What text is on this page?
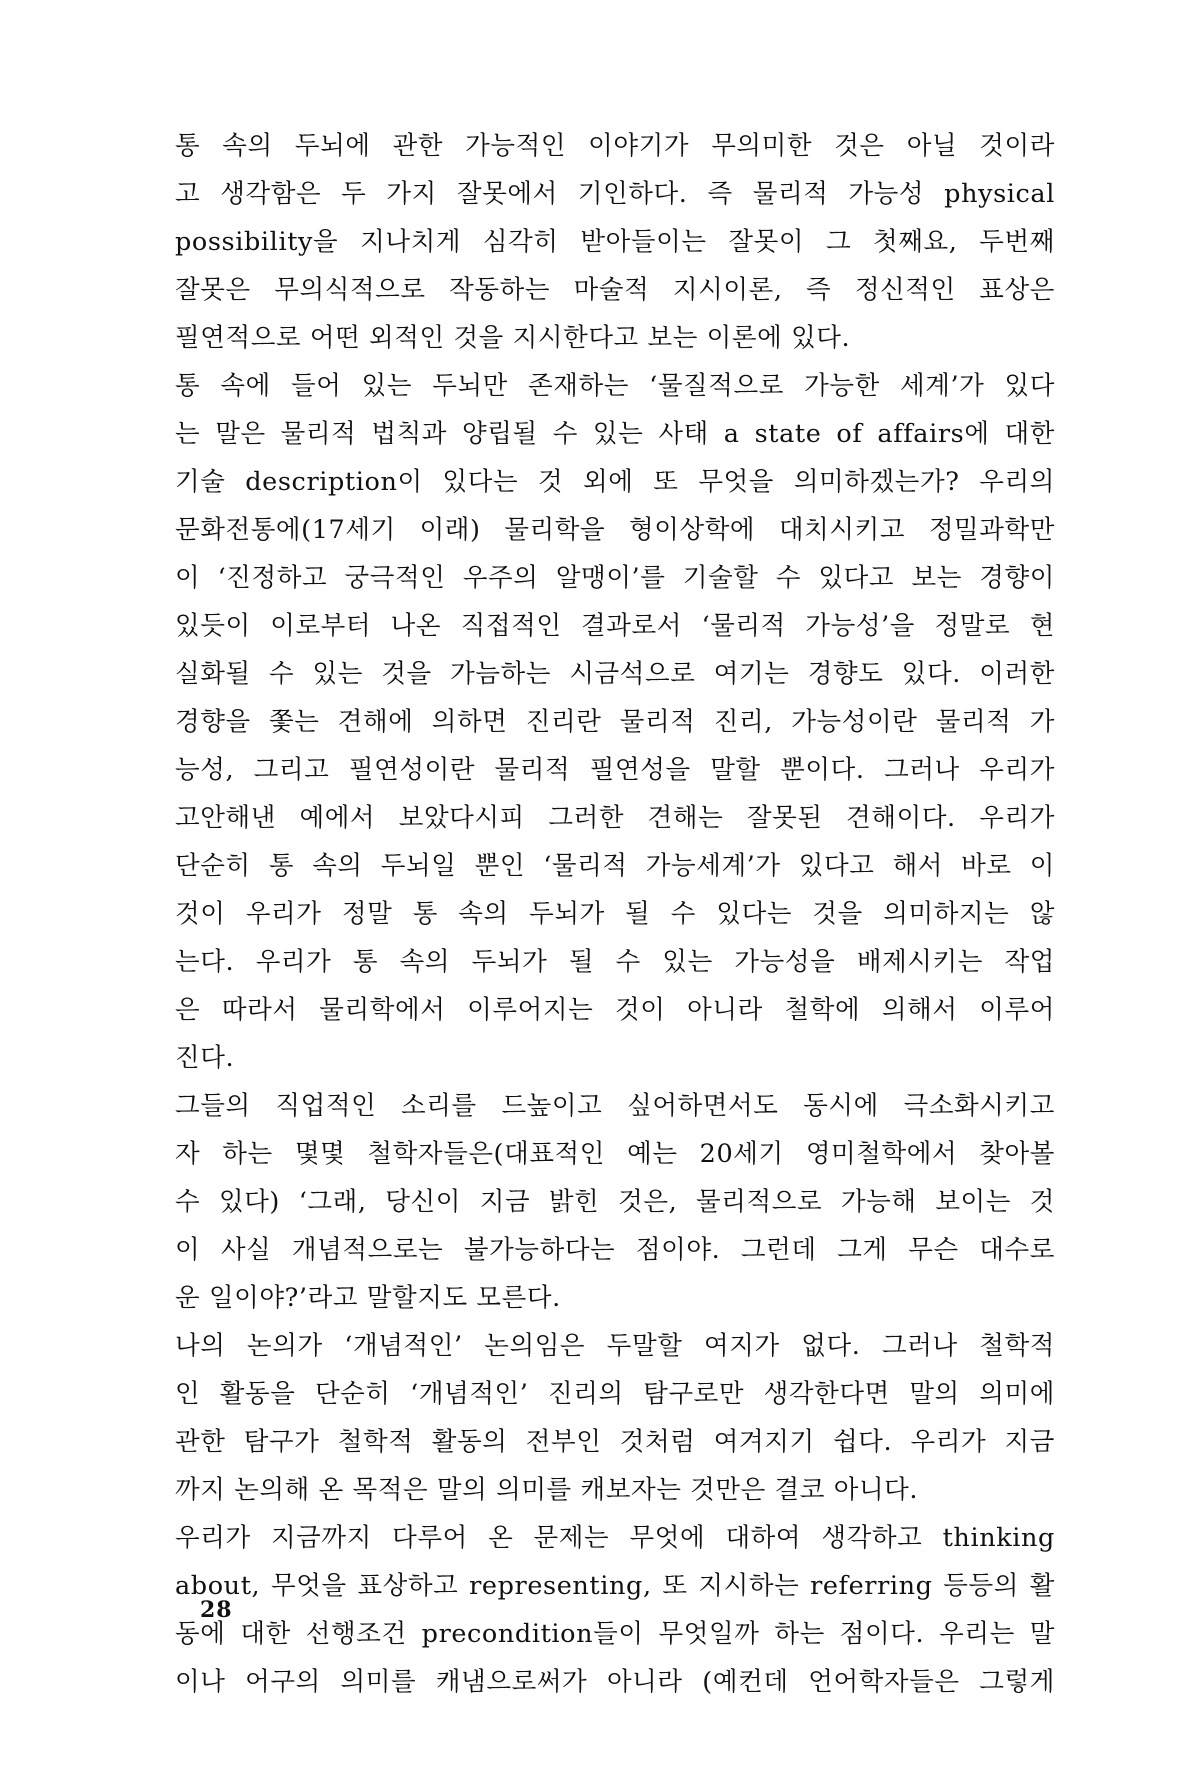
통 속의 두뇌에 관한 가능적인 이야기가 무의미한 것은 아닐 것이라
고 생각함은 두 가지 잘못에서 기인하다. 즉 물리적 가능성 physical
possibility을 지나치게 심각히 받아들이는 잘못이 그 첫째요, 두번째
잘못은 무의식적으로 작동하는 마술적 지시이론, 즉 정신적인 표상은
필연적으로 어떤 외적인 것을 지시한다고 보는 이론에 있다.
통 속에 들어 있는 두뇌만 존재하는 ‘물질적으로 가능한 세계’가 있다
는 말은 물리적 법칙과 양립될 수 있는 사태 a state of affairs에 대한
기술 description이 있다는 것 외에 또 무엇을 의미하겠는가? 우리의
문화전통에(17세기 이래) 물리학을 형이상학에 대치시키고 정밀과학만
이 ‘진정하고 궁극적인 우주의 알맹이’를 기술할 수 있다고 보는 경향이
있듯이 이로부터 나온 직접적인 결과로서 ‘물리적 가능성’을 정말로 현
실화될 수 있는 것을 가늠하는 시금석으로 여기는 경향도 있다. 이러한
경향을 쫓는 견해에 의하면 진리란 물리적 진리, 가능성이란 물리적 가
능성, 그리고 필연성이란 물리적 필연성을 말할 뿐이다. 그러나 우리가
고안해낸 예에서 보았다시피 그러한 견해는 잘못된 견해이다. 우리가
단순히 통 속의 두뇌일 뿐인 ‘물리적 가능세계’가 있다고 해서 바로 이
것이 우리가 정말 통 속의 두뇌가 될 수 있다는 것을 의미하지는 않
는다. 우리가 통 속의 두뇌가 될 수 있는 가능성을 배제시키는 작업
은 따라서 물리학에서 이루어지는 것이 아니라 철학에 의해서 이루어
진다.
그들의 직업적인 소리를 드높이고 싶어하면서도 동시에 극소화시키고
자 하는 몇몇 철학자들은(대표적인 예는 20세기 영미철학에서 찾아볼
수 있다) ‘그래, 당신이 지금 밝힌 것은, 물리적으로 가능해 보이는 것
이 사실 개념적으로는 불가능하다는 점이야. 그런데 그게 무슨 대수로
운 일이야?’라고 말할지도 모른다.
나의 논의가 ‘개념적인’ 논의임은 두말할 여지가 없다. 그러나 철학적
인 활동을 단순히 ‘개념적인’ 진리의 탐구로만 생각한다면 말의 의미에
관한 탐구가 철학적 활동의 전부인 것처럼 여겨지기 쉽다. 우리가 지금
까지 논의해 온 목적은 말의 의미를 캐보자는 것만은 결코 아니다.
우리가 지금까지 다루어 온 문제는 무엇에 대하여 생각하고 thinking
about, 무엇을 표상하고 representing, 또 지시하는 referring 등등의 활
동에 대한 선행조건 precondition들이 무엇일까 하는 점이다. 우리는 말
이나 어구의 의미를 캐냄으로써가 아니라 (예컨데 언어학자들은 그렇게
28
